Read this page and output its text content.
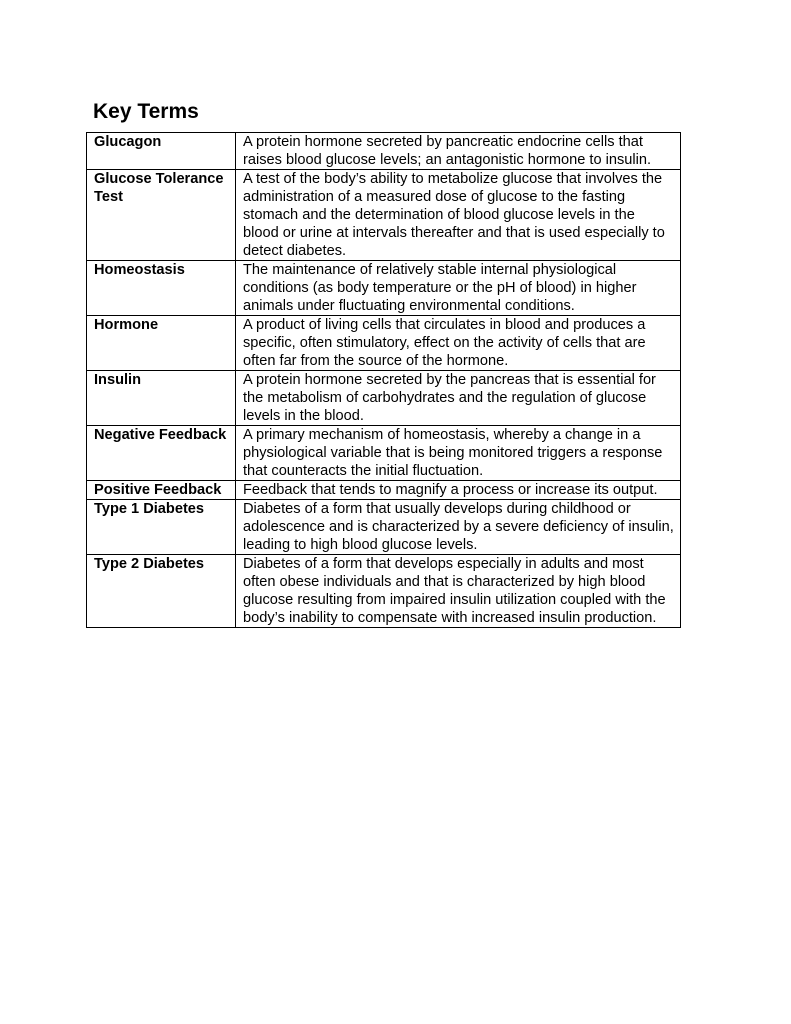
Key Terms
Glucagon	A protein hormone secreted by pancreatic endocrine cells that raises blood glucose levels; an antagonistic hormone to insulin.
Glucose Tolerance Test	A test of the body’s ability to metabolize glucose that involves the administration of a measured dose of glucose to the fasting stomach and the determination of blood glucose levels in the blood or urine at intervals thereafter and that is used especially to detect diabetes.
Homeostasis	The maintenance of relatively stable internal physiological conditions (as body temperature or the pH of blood) in higher animals under fluctuating environmental conditions.
Hormone	A product of living cells that circulates in blood and produces a specific, often stimulatory, effect on the activity of cells that are often far from the source of the hormone.
Insulin	A protein hormone secreted by the pancreas that is essential for the metabolism of carbohydrates and the regulation of glucose levels in the blood.
Negative Feedback	A primary mechanism of homeostasis, whereby a change in a physiological variable that is being monitored triggers a response that counteracts the initial fluctuation.
Positive Feedback	Feedback that tends to magnify a process or increase its output.
Type 1 Diabetes	Diabetes of a form that usually develops during childhood or adolescence and is characterized by a severe deficiency of insulin, leading to high blood glucose levels.
Type 2 Diabetes	Diabetes of a form that develops especially in adults and most often obese individuals and that is characterized by high blood glucose resulting from impaired insulin utilization coupled with the body’s inability to compensate with increased insulin production.
